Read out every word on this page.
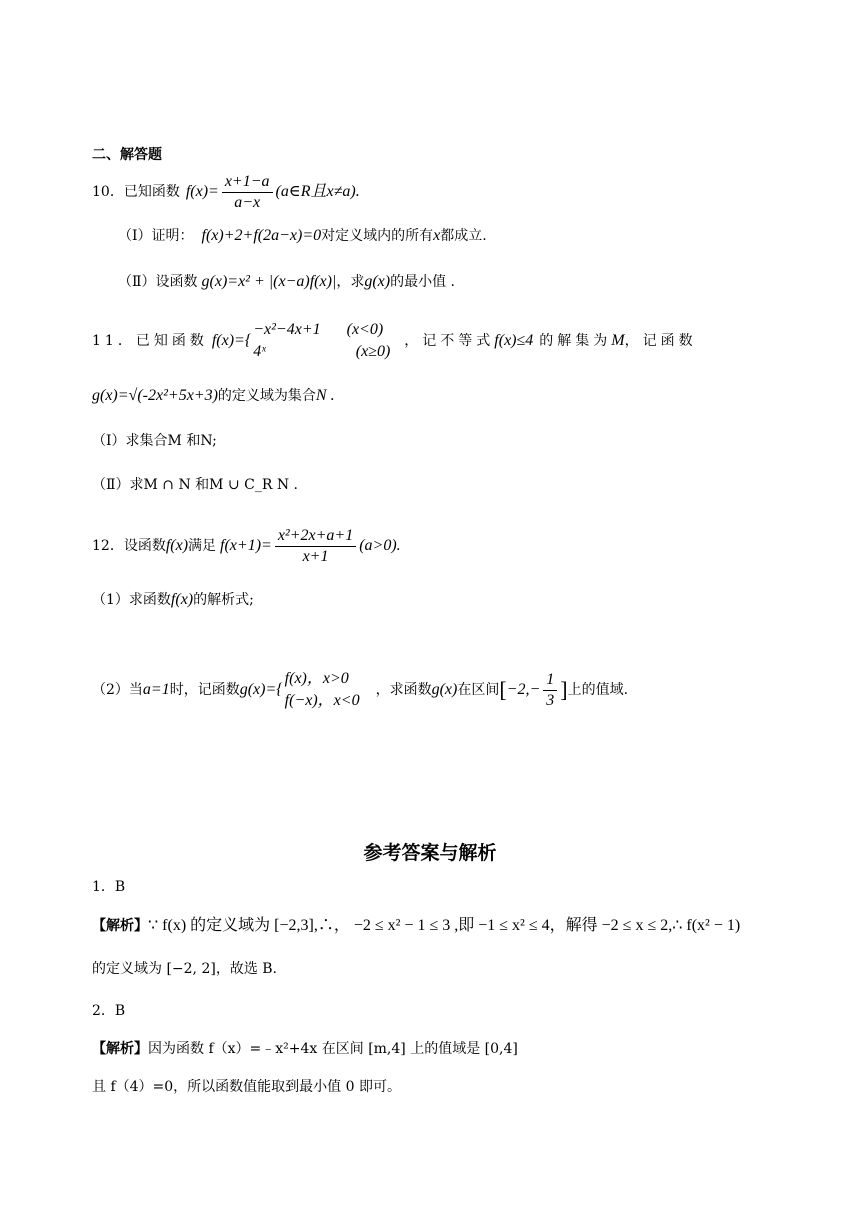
二、解答题
10． 已知函数 $f(x)= \frac{x+1-a}{a-x}$ (a∈R且x≠a).
（Ⅰ）证明： f(x)+2+f(2a−x)=0 对定义域内的所有 x 都成立.
（Ⅱ）设函数 g(x)=x² + |(x−a)f(x)| ，求 g(x) 的最小值 .
11． 已知函数 f(x)={
−x²−4x+1 (x<0)
4ˣ	(x≥0)
，记不等式 f(x)≤4 的解集为 M ，记函数
g(x)=√(-2x²+5x+3) 的定义域为集合 N .
（Ⅰ）求集合M 和N;
（Ⅱ）求M ∩ N 和M ∪ C_R N .
12． 设函数 f(x) 满足 $f(x+1)= \frac{\text{x²+2x+a+1}}{x+1} (a>0)$.
（1）求函数 f(x) 的解析式;
（2）当 a=1 时，记函数 g(x)={
f(x)，x>0
f(−x)，x<0
，求函数 g(x) 在区间 [ $-2,- \frac{1}{3}$ ] 上的值域.
参考答案与解析
1．B
【解析】 ∵ f(x) 的定义域为 [−2,3],∴， −2 ≤ x² − 1 ≤ 3 ,即 −1 ≤ x² ≤ 4，解得 −2 ≤ x ≤ 2,∴ f(x² − 1)
的定义域为 [−2, 2]，故选 B.
2．B
【解析】 因为函数 f（x）=﹣x²+4x 在区间 [m,4] 上的值域是 [0,4]
且 f（4）=0，所以函数值能取到最小值 0 即可。
